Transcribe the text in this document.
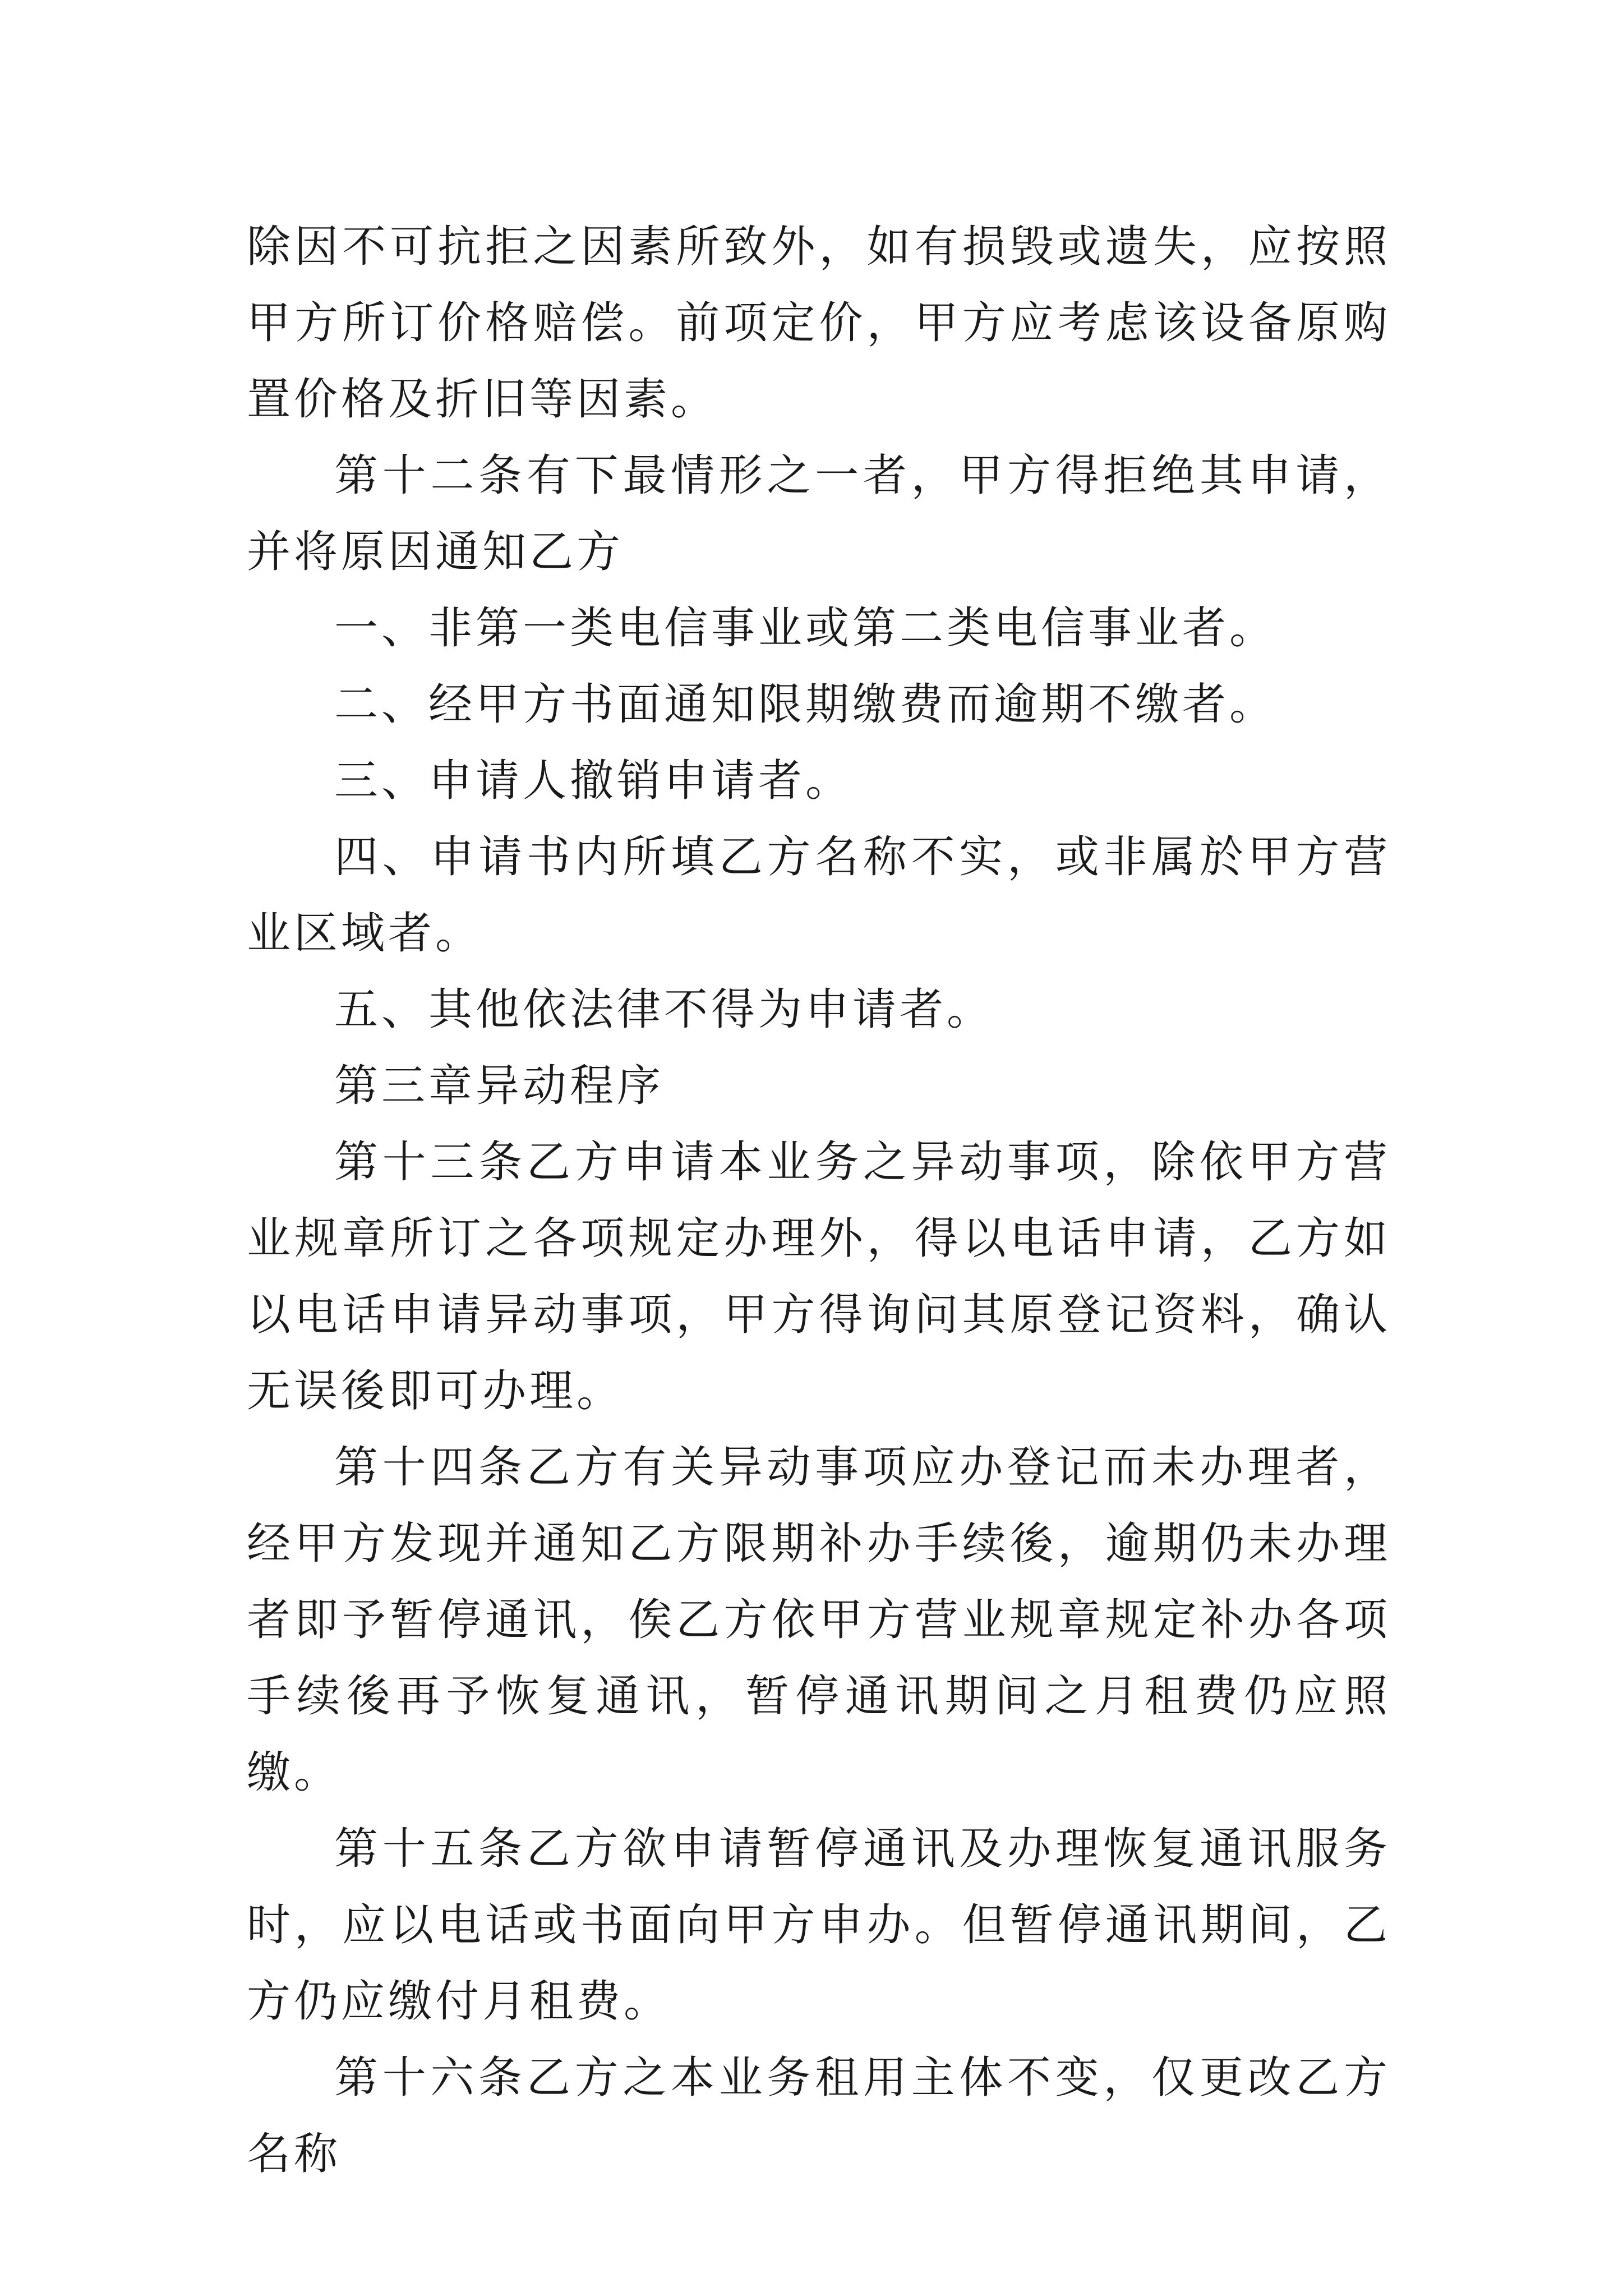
除因不可抗拒之因素所致外，如有损毁或遗失，应按照甲方所订价格赔偿。前项定价，甲方应考虑该设备原购置价格及折旧等因素。

第十二条有下最情形之一者，甲方得拒绝其申请，并将原因通知乙方

一、非第一类电信事业或第二类电信事业者。

二、经甲方书面通知限期缴费而逾期不缴者。

三、申请人撤销申请者。

四、申请书内所填乙方名称不实，或非属於甲方营业区域者。

五、其他依法律不得为申请者。

第三章异动程序

第十三条乙方申请本业务之异动事项，除依甲方营业规章所订之各项规定办理外，得以电话申请，乙方如以电话申请异动事项，甲方得询问其原登记资料，确认无误後即可办理。

第十四条乙方有关异动事项应办登记而未办理者，经甲方发现并通知乙方限期补办手续後，逾期仍未办理者即予暂停通讯，俟乙方依甲方营业规章规定补办各项手续後再予恢复通讯，暂停通讯期间之月租费仍应照缴。

第十五条乙方欲申请暂停通讯及办理恢复通讯服务时，应以电话或书面向甲方申办。但暂停通讯期间，乙方仍应缴付月租费。

第十六条乙方之本业务租用主体不变，仅更改乙方名称
